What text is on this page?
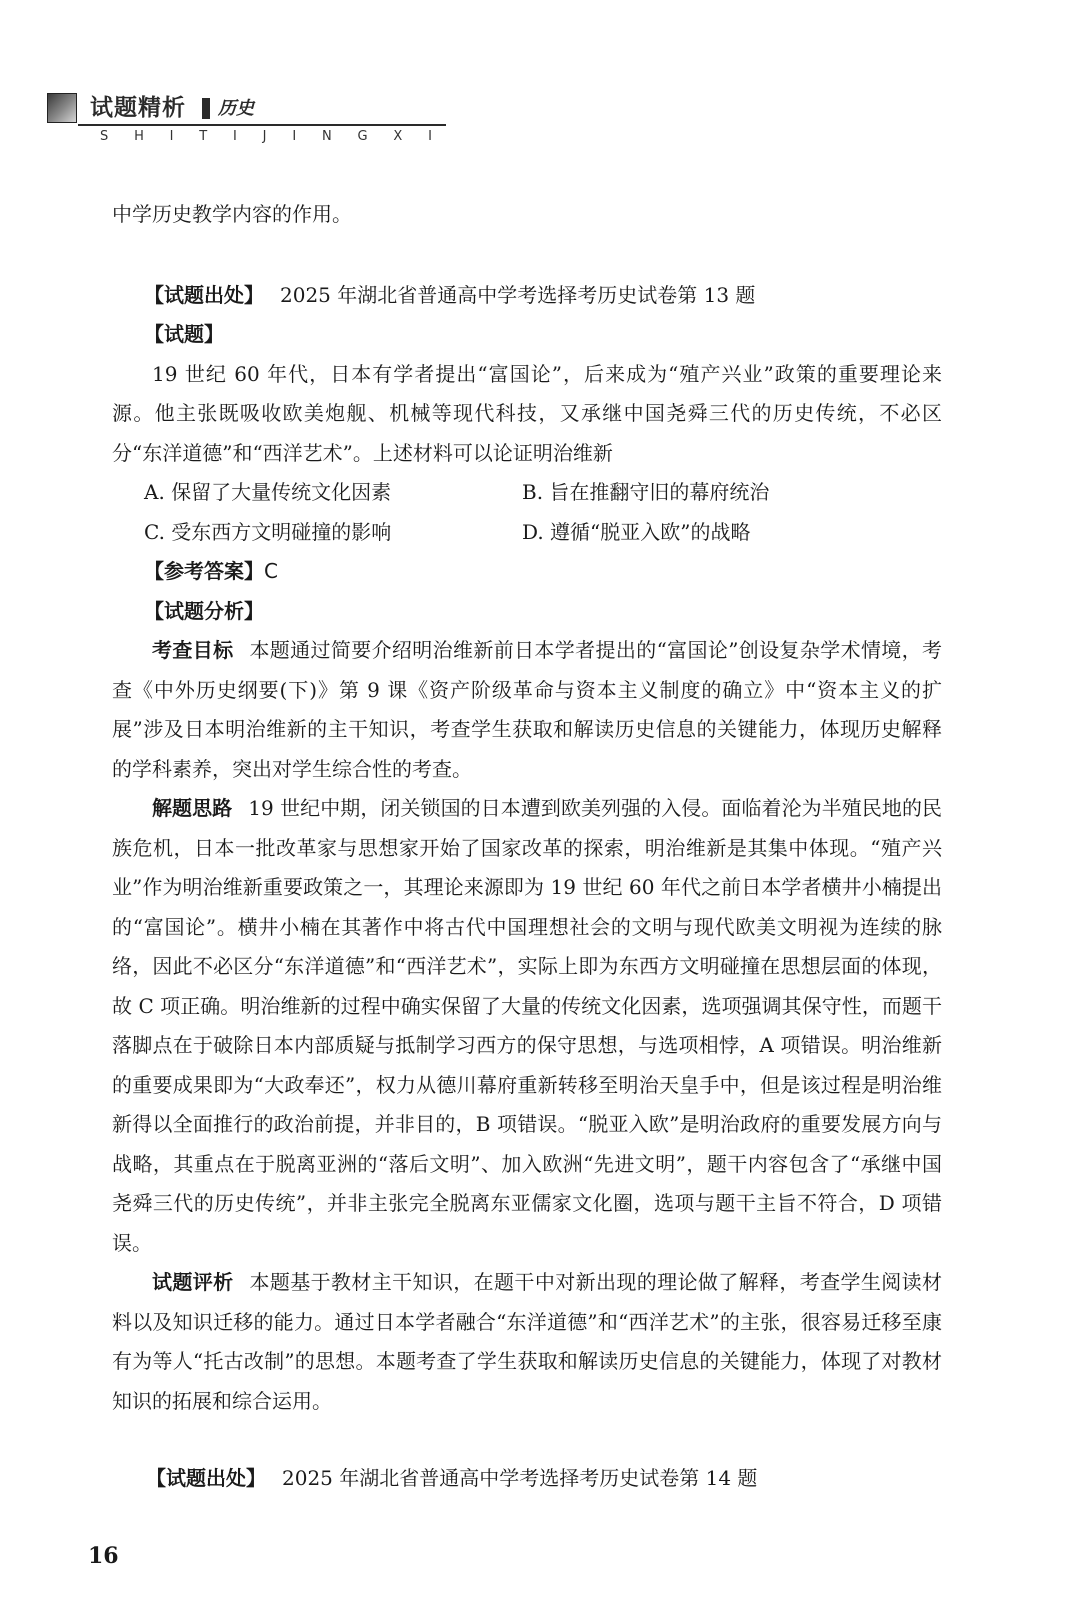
试题精析 历史
S H I T I J I N G X I

中学历史教学内容的作用。

【试题出处】 2025 年湖北省普通高中学考选择考历史试卷第 13 题

【试题】

19 世纪 60 年代，日本有学者提出“富国论”，后来成为“殖产兴业”政策的重要理论来源。他主张既吸收欧美炮舰、机械等现代科技，又承继中国尧舜三代的历史传统，不必区分“东洋道德”和“西洋艺术”。上述材料可以论证明治维新

A. 保留了大量传统文化因素	B. 旨在推翻守旧的幕府统治
C. 受东西方文明碰撞的影响	D. 遵循“脱亚入欧”的战略

【参考答案】C

【试题分析】

考查目标 本题通过简要介绍明治维新前日本学者提出的“富国论”创设复杂学术情境，考查《中外历史纲要(下)》第 9 课《资产阶级革命与资本主义制度的确立》中“资本主义的扩展”涉及日本明治维新的主干知识，考查学生获取和解读历史信息的关键能力，体现历史解释的学科素养，突出对学生综合性的考查。

解题思路 19 世纪中期，闭关锁国的日本遭到欧美列强的入侵。面临着沦为半殖民地的民族危机，日本一批改革家与思想家开始了国家改革的探索，明治维新是其集中体现。“殖产兴业”作为明治维新重要政策之一，其理论来源即为 19 世纪 60 年代之前日本学者横井小楠提出的“富国论”。横井小楠在其著作中将古代中国理想社会的文明与现代欧美文明视为连续的脉络，因此不必区分“东洋道德”和“西洋艺术”，实际上即为东西方文明碰撞在思想层面的体现，故 C 项正确。明治维新的过程中确实保留了大量的传统文化因素，选项强调其保守性，而题干落脚点在于破除日本内部质疑与抵制学习西方的保守思想，与选项相悖，A 项错误。明治维新的重要成果即为“大政奉还”，权力从德川幕府重新转移至明治天皇手中，但是该过程是明治维新得以全面推行的政治前提，并非目的，B 项错误。“脱亚入欧”是明治政府的重要发展方向与战略，其重点在于脱离亚洲的“落后文明”、加入欧洲“先进文明”，题干内容包含了“承继中国尧舜三代的历史传统”，并非主张完全脱离东亚儒家文化圈，选项与题干主旨不符合，D 项错误。

试题评析 本题基于教材主干知识，在题干中对新出现的理论做了解释，考查学生阅读材料以及知识迁移的能力。通过日本学者融合“东洋道德”和“西洋艺术”的主张，很容易迁移至康有为等人“托古改制”的思想。本题考查了学生获取和解读历史信息的关键能力，体现了对教材知识的拓展和综合运用。

【试题出处】 2025 年湖北省普通高中学考选择考历史试卷第 14 题

16
